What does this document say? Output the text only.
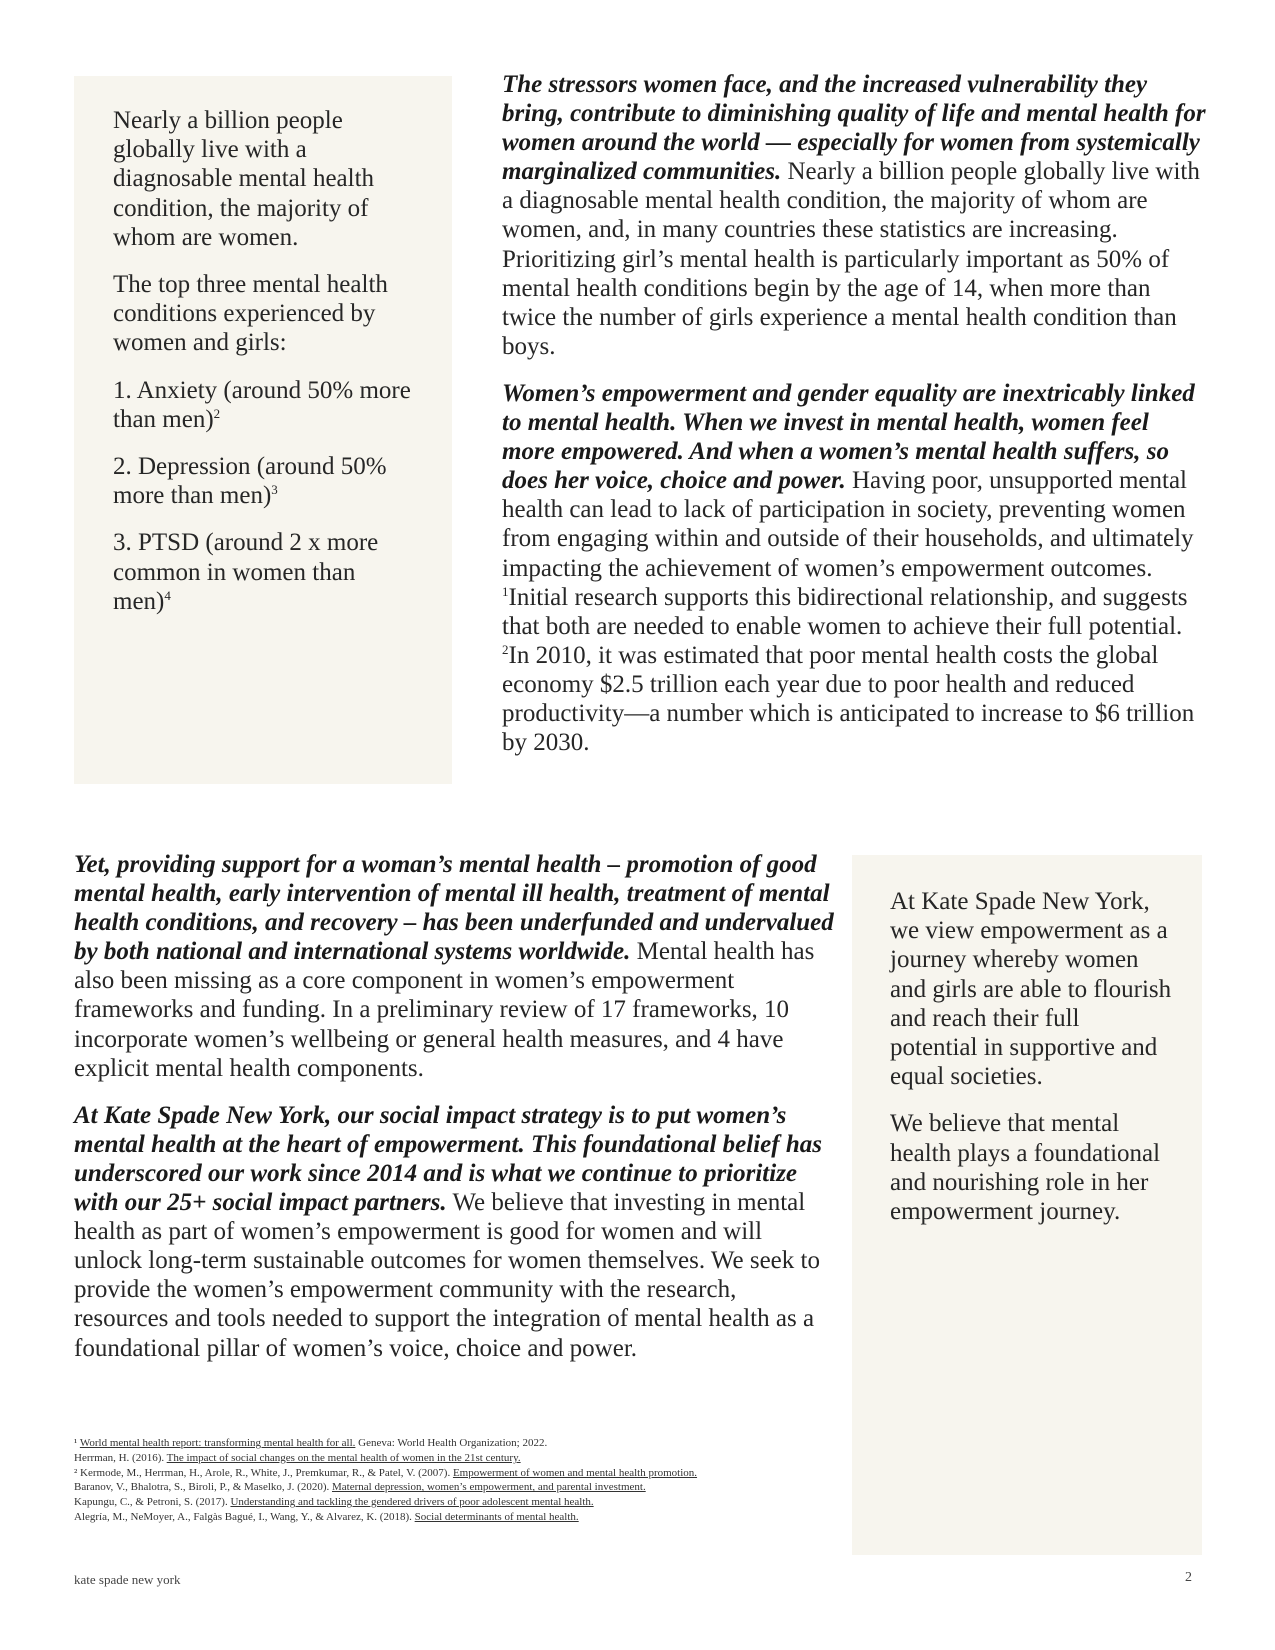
Nearly a billion people globally live with a diagnosable mental health condition, the majority of whom are women.

The top three mental health conditions experienced by women and girls:

1. Anxiety (around 50% more than men)$^2$

2. Depression (around 50% more than men)$^3$

3. PTSD (around 2 x more common in women than men)$^4$

The stressors women face, and the increased vulnerability they bring, contribute to diminishing quality of life and mental health for women around the world — especially for women from systemically marginalized communities. Nearly a billion people globally live with a diagnosable mental health condition, the majority of whom are women, and, in many countries these statistics are increasing. Prioritizing girl’s mental health is particularly important as 50% of mental health conditions begin by the age of 14, when more than twice the number of girls experience a mental health condition than boys.

Women’s empowerment and gender equality are inextricably linked to mental health. When we invest in mental health, women feel more empowered. And when a women’s mental health suffers, so does her voice, choice and power. Having poor, unsupported mental health can lead to lack of participation in society, preventing women from engaging within and outside of their households, and ultimately impacting the achievement of women’s empowerment outcomes. $^1$Initial research supports this bidirectional relationship, and suggests that both are needed to enable women to achieve their full potential.
$^2$In 2010, it was estimated that poor mental health costs the global economy $2.5 trillion each year due to poor health and reduced productivity—a number which is anticipated to increase to $6 trillion by 2030.

Yet, providing support for a woman’s mental health – promotion of good mental health, early intervention of mental ill health, treatment of mental health conditions, and recovery – has been underfunded and undervalued by both national and international systems worldwide. Mental health has also been missing as a core component in women’s empowerment frameworks and funding. In a preliminary review of 17 frameworks, 10 incorporate women’s wellbeing or general health measures, and 4 have explicit mental health components.

At Kate Spade New York, our social impact strategy is to put women’s mental health at the heart of empowerment. This foundational belief has underscored our work since 2014 and is what we continue to prioritize with our 25+ social impact partners. We believe that investing in mental health as part of women’s empowerment is good for women and will unlock long-term sustainable outcomes for women themselves. We seek to provide the women’s empowerment community with the research, resources and tools needed to support the integration of mental health as a foundational pillar of women’s voice, choice and power.

At Kate Spade New York, we view empowerment as a journey whereby women and girls are able to flourish and reach their full potential in supportive and equal societies.

We believe that mental health plays a foundational and nourishing role in her empowerment journey.

¹ World mental health report: transforming mental health for all. Geneva: World Health Organization; 2022.

Herrman, H. (2016). The impact of social changes on the mental health of women in the 21st century.

² Kermode, M., Herrman, H., Arole, R., White, J., Premkumar, R., & Patel, V. (2007). Empowerment of women and mental health promotion.

Baranov, V., Bhalotra, S., Biroli, P., & Maselko, J. (2020). Maternal depression, women’s empowerment, and parental investment.

Kapungu, C., & Petroni, S. (2017). Understanding and tackling the gendered drivers of poor adolescent mental health.

Alegría, M., NeMoyer, A., Falgàs Bagué, I., Wang, Y., & Alvarez, K. (2018). Social determinants of mental health.

kate spade new york	2
